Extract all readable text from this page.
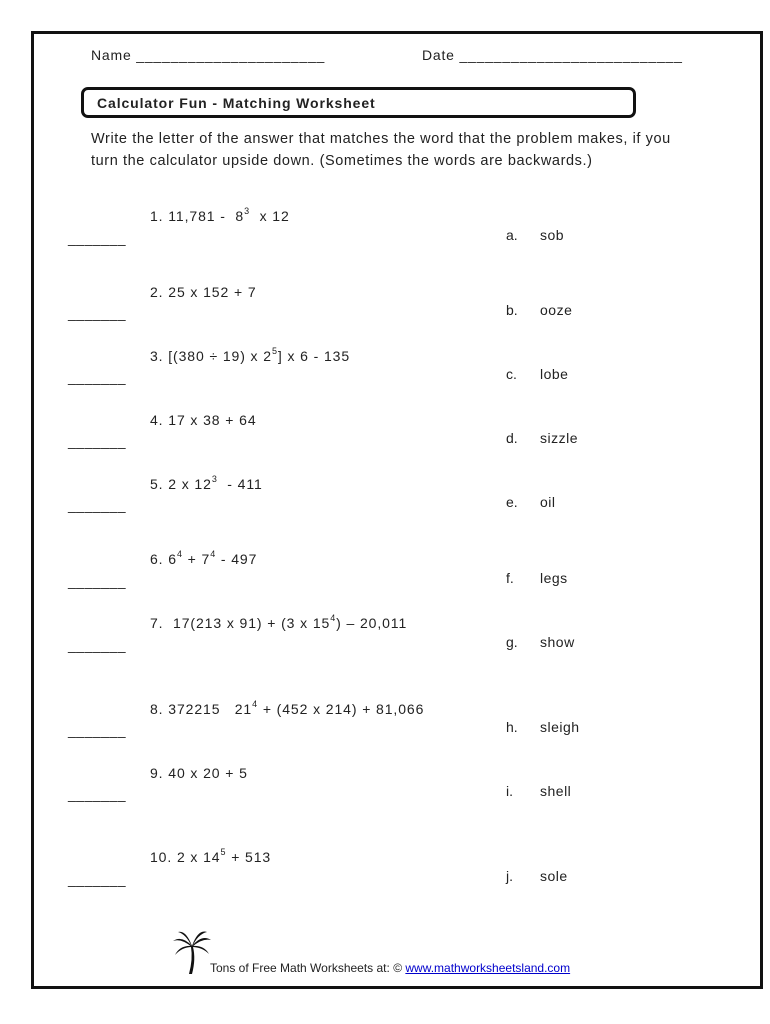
Name ______________________	Date __________________________
Calculator Fun - Matching Worksheet
Write the letter of the answer that matches the word that the problem makes, if you turn the calculator upside down. (Sometimes the words are backwards.)
1. $11,781 - 8^3$  x 12
2. 25 x 152 + 7
3. [(380 ÷ 19) x $2^5$] x 6 - 135
4. 17 x 38 + 64
5. 2 x $12^3 - 411$
6. $6^4 + 7^4 - 497$
7.  17(213 x 91) + (3 x $15^4) - 20,011$
8. 372215   $21^4 + (452$ x 214) + 81,066
9. 40 x 20 + 5
10. 2 x $14^5 + 513$
_______
_______
_______
_______
_______
_______
_______
_______
_______
_______
a. sob
b. ooze
c. lobe
d. sizzle
e. oil
f. legs
g. show
h. sleigh
i. shell
j. sole
Tons of Free Math Worksheets at: © www.mathworksheetsland.com
